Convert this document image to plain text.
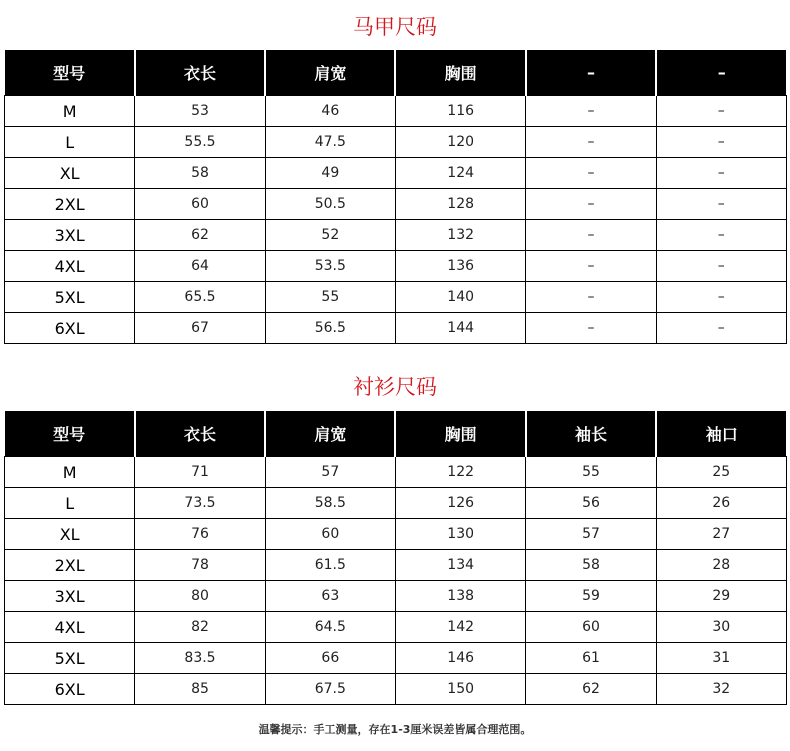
马甲尺码
型号	衣长	肩宽	胸围	–	–
M	53	46	116	–	–
L	55.5	47.5	120	–	–
XL	58	49	124	–	–
2XL	60	50.5	128	–	–
3XL	62	52	132	–	–
4XL	64	53.5	136	–	–
5XL	65.5	55	140	–	–
6XL	67	56.5	144	–	–
衬衫尺码
型号	衣长	肩宽	胸围	袖长	袖口
M	71	57	122	55	25
L	73.5	58.5	126	56	26
XL	76	60	130	57	27
2XL	78	61.5	134	58	28
3XL	80	63	138	59	29
4XL	82	64.5	142	60	30
5XL	83.5	66	146	61	31
6XL	85	67.5	150	62	32
温馨提示：手工测量，存在1-3厘米误差皆属合理范围。
